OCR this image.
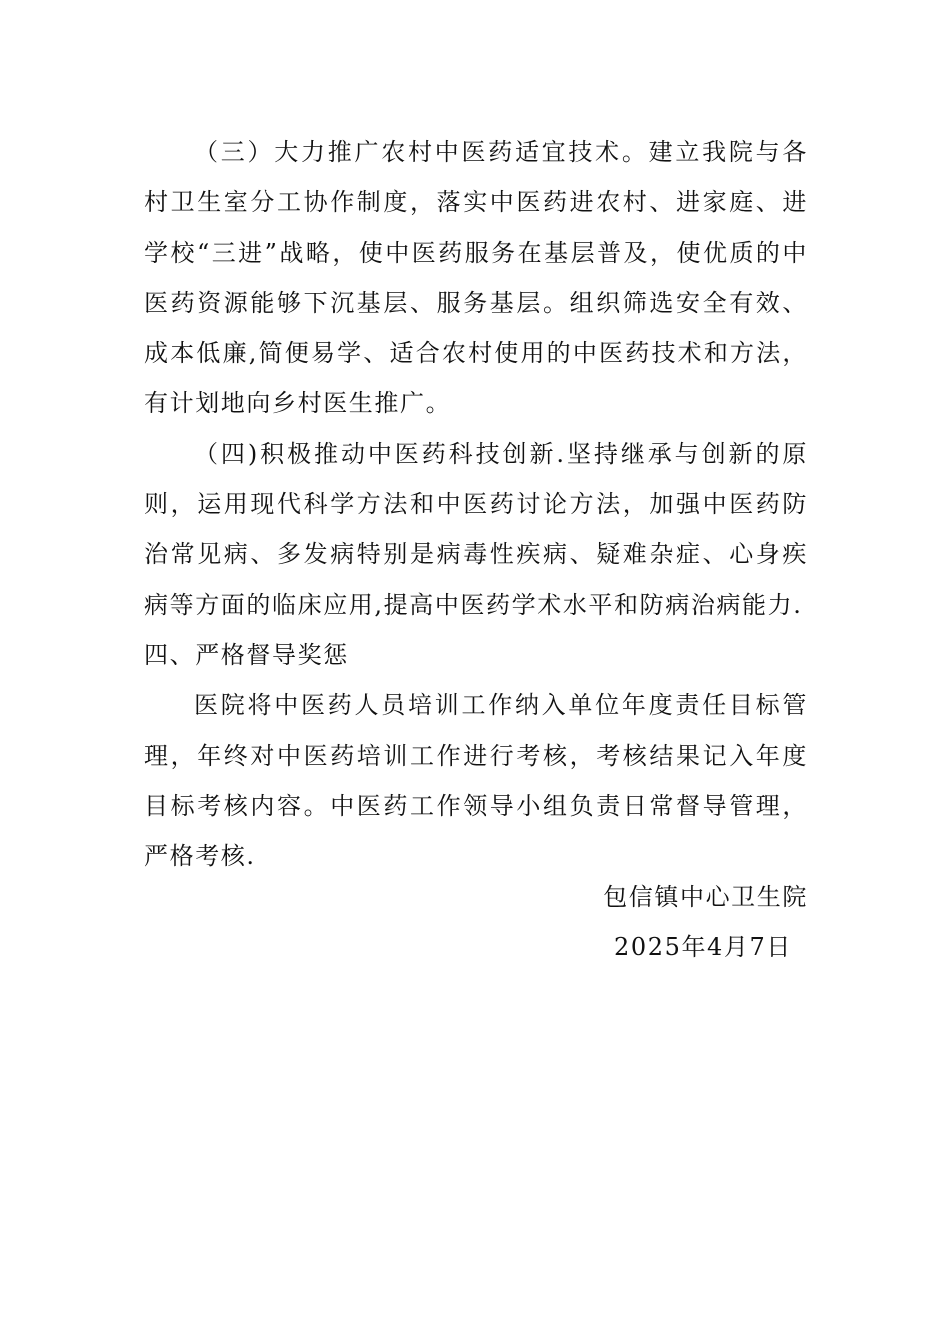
（三）大力推广农村中医药适宜技术。建立我院与各村卫生室分工协作制度，落实中医药进农村、进家庭、进学校“三进”战略，使中医药服务在基层普及，使优质的中医药资源能够下沉基层、服务基层。组织筛选安全有效、成本低廉,简便易学、适合农村使用的中医药技术和方法，有计划地向乡村医生推广。

（四)积极推动中医药科技创新.坚持继承与创新的原则，运用现代科学方法和中医药讨论方法，加强中医药防治常见病、多发病特别是病毒性疾病、疑难杂症、心身疾病等方面的临床应用,提高中医药学术水平和防病治病能力.

四、严格督导奖惩

医院将中医药人员培训工作纳入单位年度责任目标管理，年终对中医药培训工作进行考核，考核结果记入年度目标考核内容。中医药工作领导小组负责日常督导管理，严格考核.

包信镇中心卫生院

2025年4月7日
